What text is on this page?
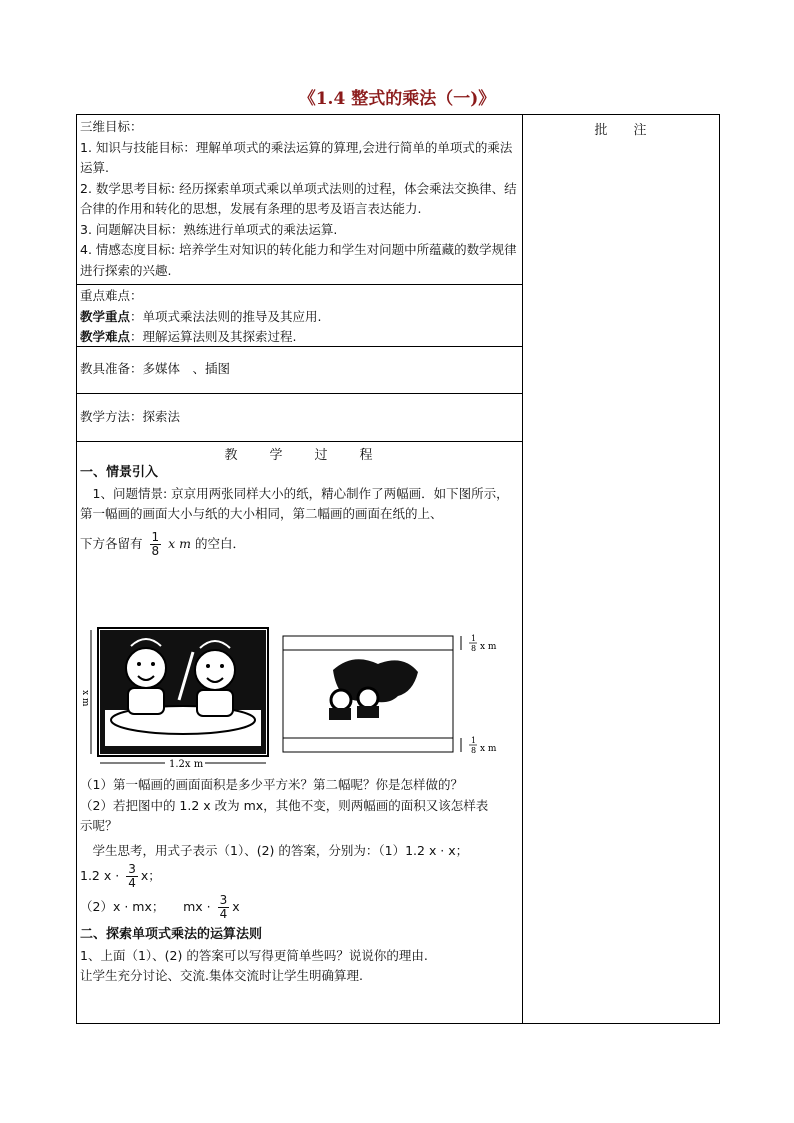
《1.4 整式的乘法（一)》
批　　注

三维目标：

1. 知识与技能目标：理解单项式的乘法运算的算理,会进行简单的单项式的乘法运算.

2. 数学思考目标: 经历探索单项式乘以单项式法则的过程，体会乘法交换律、结合律的作用和转化的思想，发展有条理的思考及语言表达能力.

3. 问题解决目标：熟练进行单项式的乘法运算.

4. 情感态度目标: 培养学生对知识的转化能力和学生对问题中所蕴藏的数学规律进行探索的兴趣.

重点难点：

教学重点：单项式乘法法则的推导及其应用.

教学难点：理解运算法则及其探索过程.

教具准备：多媒体　、插图
教学方法：探索法
教　　学　　过　　程

一、情景引入

　1、问题情景: 京京用两张同样大小的纸，精心制作了两幅画．如下图所示，第一幅画的画面大小与纸的大小相同，第二幅画的画面在纸的上、

下方各留有 $\frac{1}{8}$ x m 的空白．

x m
1.2x m
1
8 x m
1
8 x m

（1）第一幅画的画面面积是多少平方米？第二幅呢？你是怎样做的？

（2）若把图中的 1.2 x 改为 mx，其他不变，则两幅画的面积又该怎样表

示呢？

　学生思考，用式子表示（1）、(2) 的答案，分别为：（1）1.2 x · x；

1.2 $x \cdot \frac{3}{4}$ x；

（2）x · mx；　　mx · $\frac{3}{4}$ x

二、探索单项式乘法的运算法则

1、上面（1）、(2) 的答案可以写得更简单些吗？说说你的理由.

让学生充分讨论、交流.集体交流时让学生明确算理.
